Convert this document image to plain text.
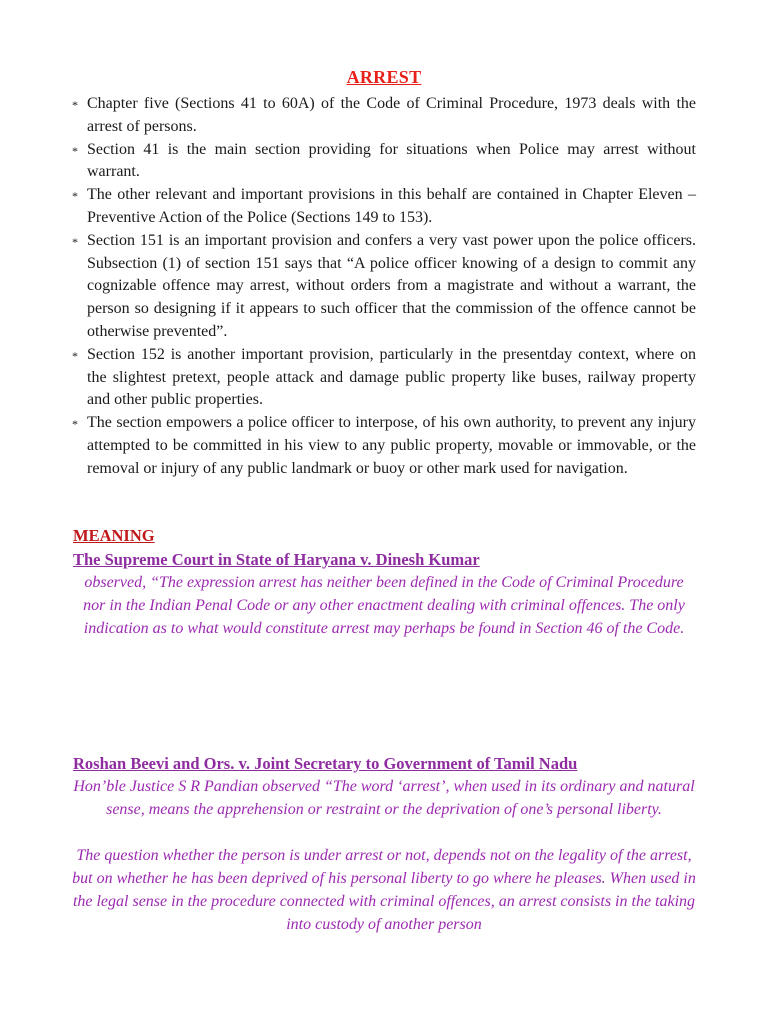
ARREST
* Chapter five (Sections 41 to 60A) of the Code of Criminal Procedure, 1973 deals with the arrest of persons.
* Section 41 is the main section providing for situations when Police may arrest without warrant.
* The other relevant and important provisions in this behalf are contained in Chapter Eleven – Preventive Action of the Police (Sections 149 to 153).
* Section 151 is an important provision and confers a very vast power upon the police officers. Subsection (1) of section 151 says that “A police officer knowing of a design to commit any cognizable offence may arrest, without orders from a magistrate and without a warrant, the person so designing if it appears to such officer that the commission of the offence cannot be otherwise prevented”.
* Section 152 is another important provision, particularly in the presentday context, where on the slightest pretext, people attack and damage public property like buses, railway property and other public properties.
* The section empowers a police officer to interpose, of his own authority, to prevent any injury attempted to be committed in his view to any public property, movable or immovable, or the removal or injury of any public landmark or buoy or other mark used for navigation.
MEANING
The Supreme Court in State of Haryana v. Dinesh Kumar
observed, “The expression arrest has neither been defined in the Code of Criminal Procedure nor in the Indian Penal Code or any other enactment dealing with criminal offences. The only indication as to what would constitute arrest may perhaps be found in Section 46 of the Code.
Roshan Beevi and Ors. v. Joint Secretary to Government of Tamil Nadu
Hon’ble Justice S R Pandian observed “The word ‘arrest’, when used in its ordinary and natural sense, means the apprehension or restraint or the deprivation of one’s personal liberty.
The question whether the person is under arrest or not, depends not on the legality of the arrest, but on whether he has been deprived of his personal liberty to go where he pleases. When used in the legal sense in the procedure connected with criminal offences, an arrest consists in the taking into custody of another person
